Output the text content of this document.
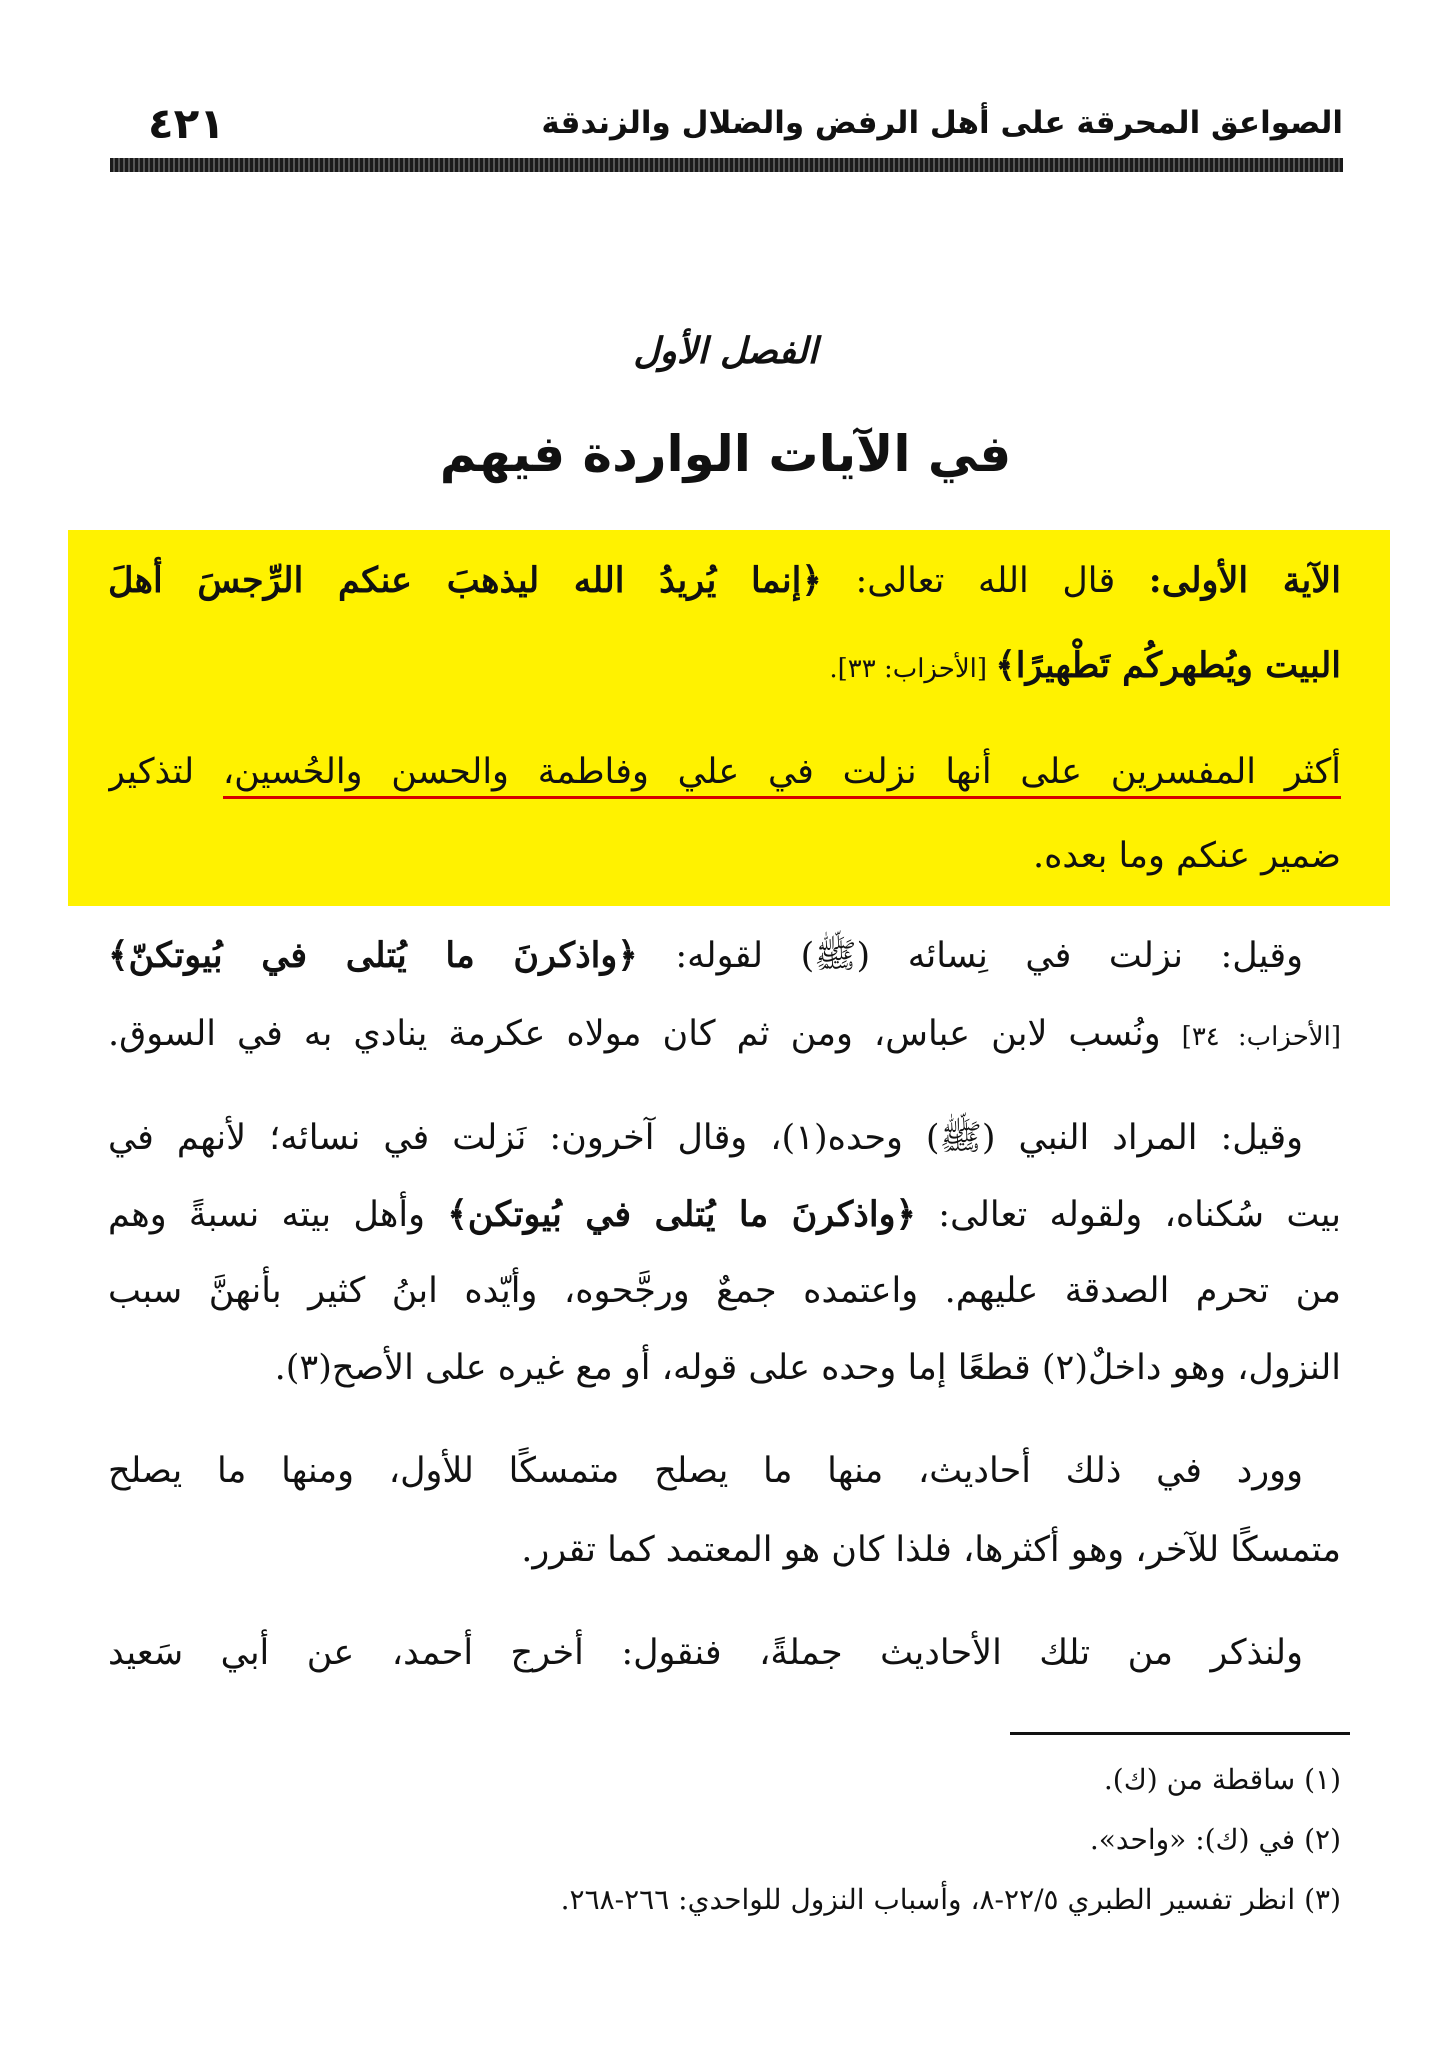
الصواعق المحرقة على أهل الرفض والضلال والزندقة
٤٢١
الفصل الأول
في الآيات الواردة فيهم
الآية الأولى: قال الله تعالى: ﴿إنما يُريدُ الله ليذهبَ عنكم الرِّجسَ أهلَ
البيت ويُطهركُم تَطْهيرًا﴾ [الأحزاب: ٣٣].
أكثر المفسرين على أنها نزلت في علي وفاطمة والحسن والحُسين، لتذكير
ضمير عنكم وما بعده.
وقيل: نزلت في نِسائه (ﷺ) لقوله: ﴿واذكرنَ ما يُتلى في بُيوتكنّ﴾
[الأحزاب: ٣٤] ونُسب لابن عباس، ومن ثم كان مولاه عكرمة ينادي به في السوق.
وقيل: المراد النبي (ﷺ) وحده(١)، وقال آخرون: نَزلت في نسائه؛ لأنهم في
بيت سُكناه، ولقوله تعالى: ﴿واذكرنَ ما يُتلى في بُيوتكن﴾ وأهل بيته نسبةً وهم
من تحرم الصدقة عليهم. واعتمده جمعٌ ورجَّحوه، وأيّده ابنُ كثير بأنهنَّ سبب
النزول، وهو داخلٌ(٢) قطعًا إما وحده على قوله، أو مع غيره على الأصح(٣).
وورد في ذلك أحاديث، منها ما يصلح متمسكًا للأول، ومنها ما يصلح
متمسكًا للآخر، وهو أكثرها، فلذا كان هو المعتمد كما تقرر.
ولنذكر من تلك الأحاديث جملةً، فنقول: أخرج أحمد، عن أبي سَعيد
(١) ساقطة من (ك).
(٢) في (ك): «واحد».
(٣) انظر تفسير الطبري ٢٢/٥-٨، وأسباب النزول للواحدي: ٢٦٦-٢٦٨.
